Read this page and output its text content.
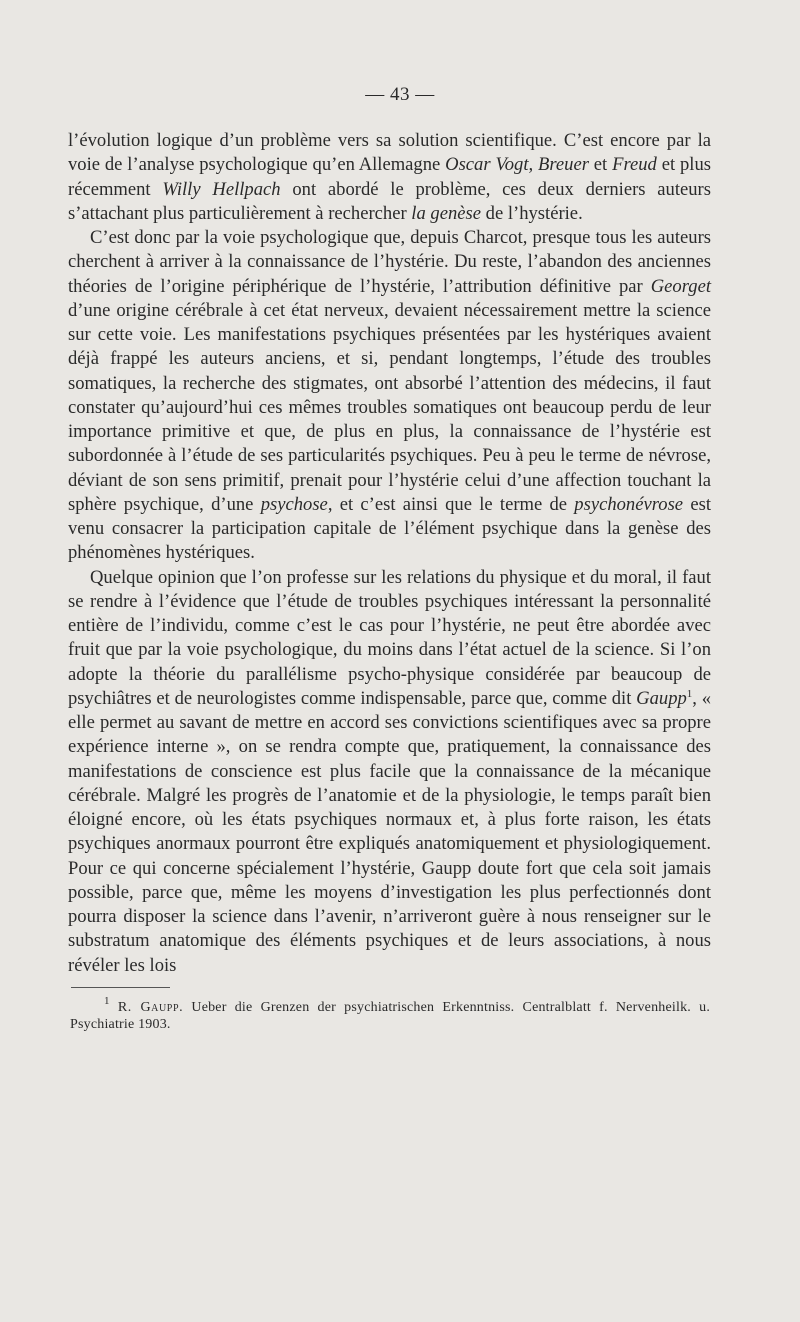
— 43 —

l’évolution logique d’un problème vers sa solution scientifique. C’est encore par la voie de l’analyse psychologique qu’en Allemagne Oscar Vogt, Breuer et Freud et plus récemment Willy Hellpach ont abordé le problème, ces deux derniers auteurs s’attachant plus particulièrement à rechercher la genèse de l’hystérie.

C’est donc par la voie psychologique que, depuis Charcot, presque tous les auteurs cherchent à arriver à la connaissance de l’hystérie. Du reste, l’abandon des anciennes théories de l’origine périphérique de l’hystérie, l’attribution définitive par Georget d’une origine cérébrale à cet état nerveux, devaient nécessairement mettre la science sur cette voie. Les manifestations psychiques présentées par les hystériques avaient déjà frappé les auteurs anciens, et si, pendant longtemps, l’étude des troubles somatiques, la recherche des stigmates, ont absorbé l’attention des médecins, il faut constater qu’aujourd’hui ces mêmes troubles somatiques ont beaucoup perdu de leur importance primitive et que, de plus en plus, la connaissance de l’hystérie est subordonnée à l’étude de ses particularités psychiques. Peu à peu le terme de névrose, déviant de son sens primitif, prenait pour l’hystérie celui d’une affection touchant la sphère psychique, d’une psychose, et c’est ainsi que le terme de psychonévrose est venu consacrer la participation capitale de l’élément psychique dans la genèse des phénomènes hystériques.

Quelque opinion que l’on professe sur les relations du physique et du moral, il faut se rendre à l’évidence que l’étude de troubles psychiques intéressant la personnalité entière de l’individu, comme c’est le cas pour l’hystérie, ne peut être abordée avec fruit que par la voie psychologique, du moins dans l’état actuel de la science. Si l’on adopte la théorie du parallélisme psycho-physique considérée par beaucoup de psychiâtres et de neurologistes comme indispensable, parce que, comme dit Gaupp$^1$, « elle permet au savant de mettre en accord ses convictions scientifiques avec sa propre expérience interne », on se rendra compte que, pratiquement, la connaissance des manifestations de conscience est plus facile que la connaissance de la mécanique cérébrale. Malgré les progrès de l’anatomie et de la physiologie, le temps paraît bien éloigné encore, où les états psychiques normaux et, à plus forte raison, les états psychiques anormaux pourront être expliqués anatomiquement et physiologiquement. Pour ce qui concerne spécialement l’hystérie, Gaupp doute fort que cela soit jamais possible, parce que, même les moyens d’investigation les plus perfectionnés dont pourra disposer la science dans l’avenir, n’arriveront guère à nous renseigner sur le substratum anatomique des éléments psychiques et de leurs associations, à nous révéler les lois

$^1$ R. Gaupp. Ueber die Grenzen der psychiatrischen Erkenntniss. Centralblatt f. Nervenheilk. u. Psychiatrie 1903.
